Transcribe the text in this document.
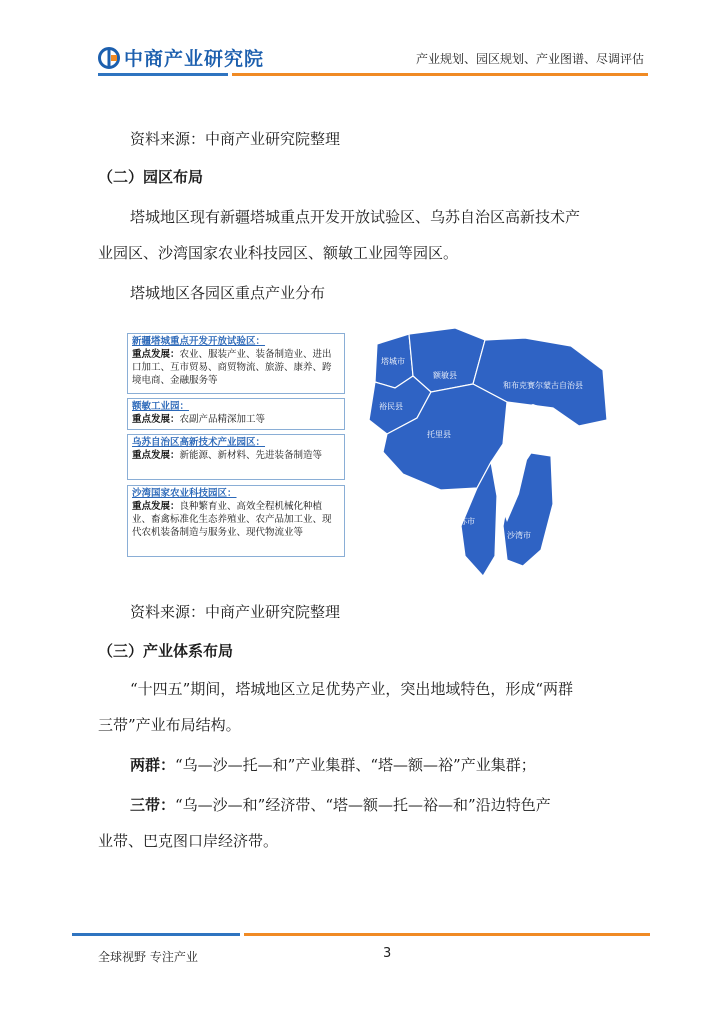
中商产业研究院	产业规划、园区规划、产业图谱、尽调评估

资料来源：中商产业研究院整理

（二）园区布局

塔城地区现有新疆塔城重点开发开放试验区、乌苏自治区高新技术产

业园区、沙湾国家农业科技园区、额敏工业园等园区。

塔城地区各园区重点产业分布

新疆塔城重点开发开放试验区：
重点发展：农业、服装产业、装备制造业、进出口加工、互市贸易、商贸物流、旅游、康养、跨境电商、金融服务等
额敏工业园：
重点发展：农副产品精深加工等
乌苏自治区高新技术产业园区：
重点发展：新能源、新材料、先进装备制造等
沙湾国家农业科技园区：
重点发展：良种繁育业、高效全程机械化种植业、畜禽标准化生态养殖业、农产品加工业、现代农机装备制造与服务业、现代物流业等
塔城市
额敏县
和布克赛尔蒙古自治县
裕民县
托里县
乌苏市
沙湾市

资料来源：中商产业研究院整理

（三）产业体系布局

“十四五”期间，塔城地区立足优势产业，突出地域特色，形成“两群

三带”产业布局结构。

两群：“乌—沙—托—和”产业集群、“塔—额—裕”产业集群；

三带：“乌—沙—和”经济带、“塔—额—托—裕—和”沿边特色产

业带、巴克图口岸经济带。

全球视野 专注产业	3
